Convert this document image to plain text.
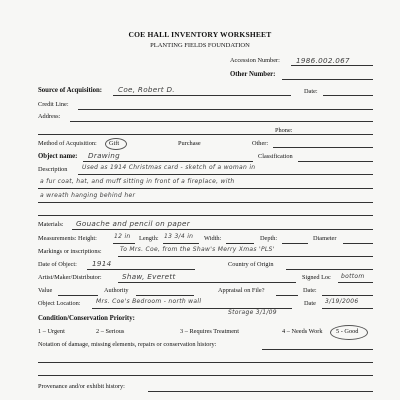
COE HALL INVENTORY WORKSHEET
PLANTING FIELDS FOUNDATION
Accession Number: 1986.002.067
Other Number:
Source of Acquisition: Coe, Robert D.	Date:
Credit Line:
Address:
Phone:
Method of Acquisition: Gift	Purchase	Other:
Object name: Drawing	Classification
Description Used as 1914 Christmas card - sketch of a woman in
a fur coat, hat, and muff sitting in front of a fireplace, with
a wreath hanging behind her
Materials: Gouache and pencil on paper
Measurements: Height:	12 in Length: 13 3/4 in Width:	Depth:	Diameter
Markings or inscriptions:	To Mrs. Coe, from the Shaw's Merry Xmas 'PLS'
Date of Object: 1914	Country of Origin
Artist/Maker/Distributor:	Shaw, Everett	Signed Loc bottom
Value	Authority	Appraisal on File?	Date:
Object Location:	Mrs. Coe's Bedroom - north wall	Date 3/19/2006
Storage 3/1/09
Condition/Conservation Priority:
1 – Urgent	2 – Serious	3 – Requires Treatment	4 – Needs Work 5 - Good
Notation of damage, missing elements, repairs or conservation history:
Provenance and/or exhibit history:
